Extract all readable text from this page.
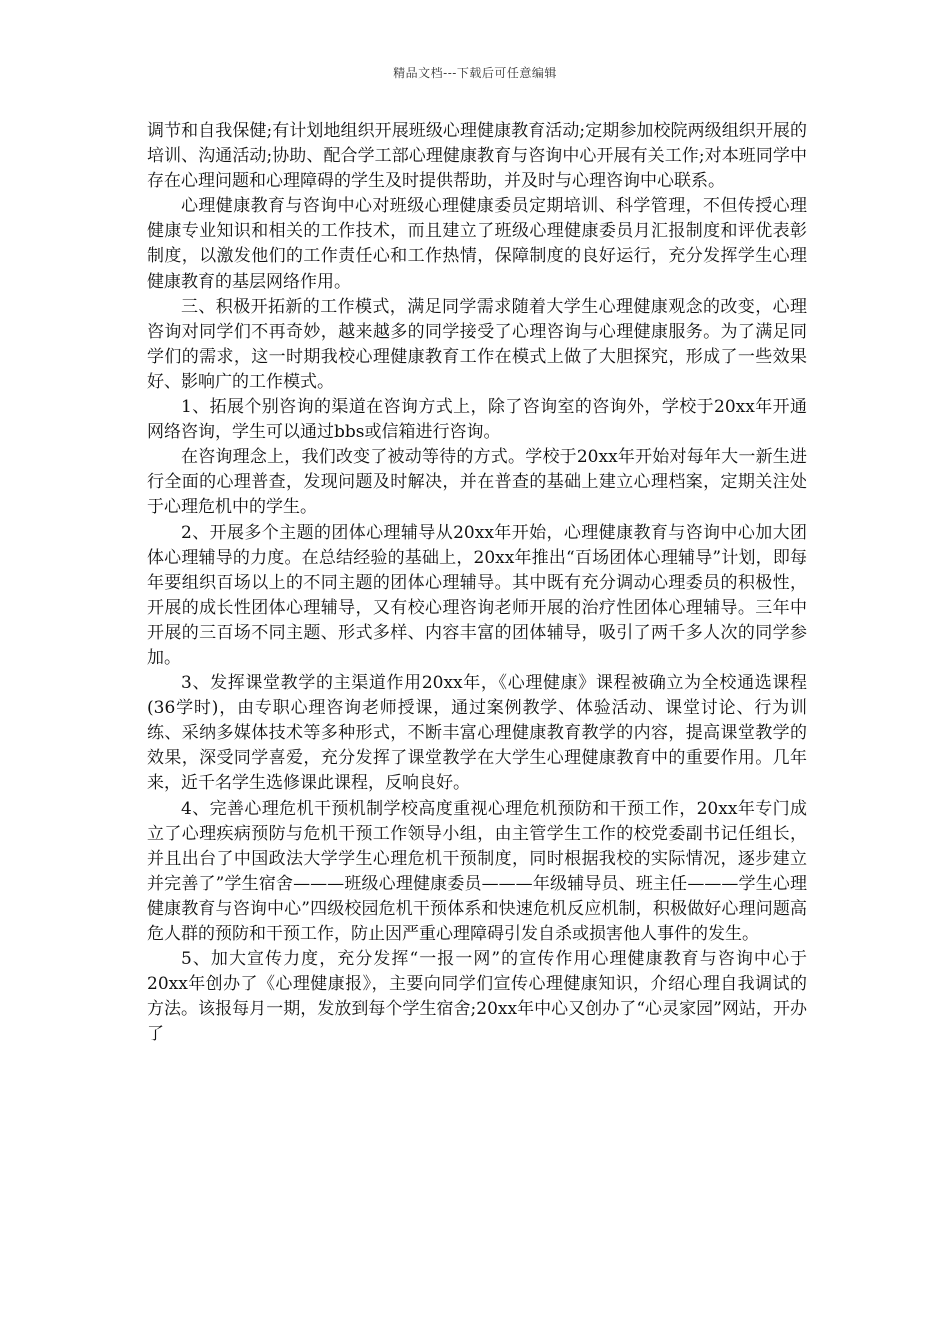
精品文档---下载后可任意编辑

调节和自我保健;有计划地组织开展班级心理健康教育活动;定期参加校院两级组织开展的培训、沟通活动;协助、配合学工部心理健康教育与咨询中心开展有关工作;对本班同学中存在心理问题和心理障碍的学生及时提供帮助，并及时与心理咨询中心联系。

心理健康教育与咨询中心对班级心理健康委员定期培训、科学管理，不但传授心理健康专业知识和相关的工作技术，而且建立了班级心理健康委员月汇报制度和评优表彰制度，以激发他们的工作责任心和工作热情，保障制度的良好运行，充分发挥学生心理健康教育的基层网络作用。

三、积极开拓新的工作模式，满足同学需求随着大学生心理健康观念的改变，心理咨询对同学们不再奇妙，越来越多的同学接受了心理咨询与心理健康服务。为了满足同学们的需求，这一时期我校心理健康教育工作在模式上做了大胆探究，形成了一些效果好、影响广的工作模式。

1、拓展个别咨询的渠道在咨询方式上，除了咨询室的咨询外，学校于20xx年开通网络咨询，学生可以通过bbs或信箱进行咨询。

在咨询理念上，我们改变了被动等待的方式。学校于20xx年开始对每年大一新生进行全面的心理普查，发现问题及时解决，并在普查的基础上建立心理档案，定期关注处于心理危机中的学生。

2、开展多个主题的团体心理辅导从20xx年开始，心理健康教育与咨询中心加大团体心理辅导的力度。在总结经验的基础上，20xx年推出“百场团体心理辅导”计划，即每年要组织百场以上的不同主题的团体心理辅导。其中既有充分调动心理委员的积极性，开展的成长性团体心理辅导，又有校心理咨询老师开展的治疗性团体心理辅导。三年中开展的三百场不同主题、形式多样、内容丰富的团体辅导，吸引了两千多人次的同学参加。

3、发挥课堂教学的主渠道作用20xx年，《心理健康》课程被确立为全校通选课程(36学时)，由专职心理咨询老师授课，通过案例教学、体验活动、课堂讨论、行为训练、采纳多媒体技术等多种形式，不断丰富心理健康教育教学的内容，提高课堂教学的效果，深受同学喜爱，充分发挥了课堂教学在大学生心理健康教育中的重要作用。几年来，近千名学生选修课此课程，反响良好。

4、完善心理危机干预机制学校高度重视心理危机预防和干预工作，20xx年专门成立了心理疾病预防与危机干预工作领导小组，由主管学生工作的校党委副书记任组长，并且出台了中国政法大学学生心理危机干预制度，同时根据我校的实际情况，逐步建立并完善了”学生宿舍———班级心理健康委员———年级辅导员、班主任———学生心理健康教育与咨询中心”四级校园危机干预体系和快速危机反应机制，积极做好心理问题高危人群的预防和干预工作，防止因严重心理障碍引发自杀或损害他人事件的发生。

5、加大宣传力度，充分发挥“一报一网”的宣传作用心理健康教育与咨询中心于20xx年创办了《心理健康报》，主要向同学们宣传心理健康知识，介绍心理自我调试的方法。该报每月一期，发放到每个学生宿舍;20xx年中心又创办了“心灵家园”网站，开办了
